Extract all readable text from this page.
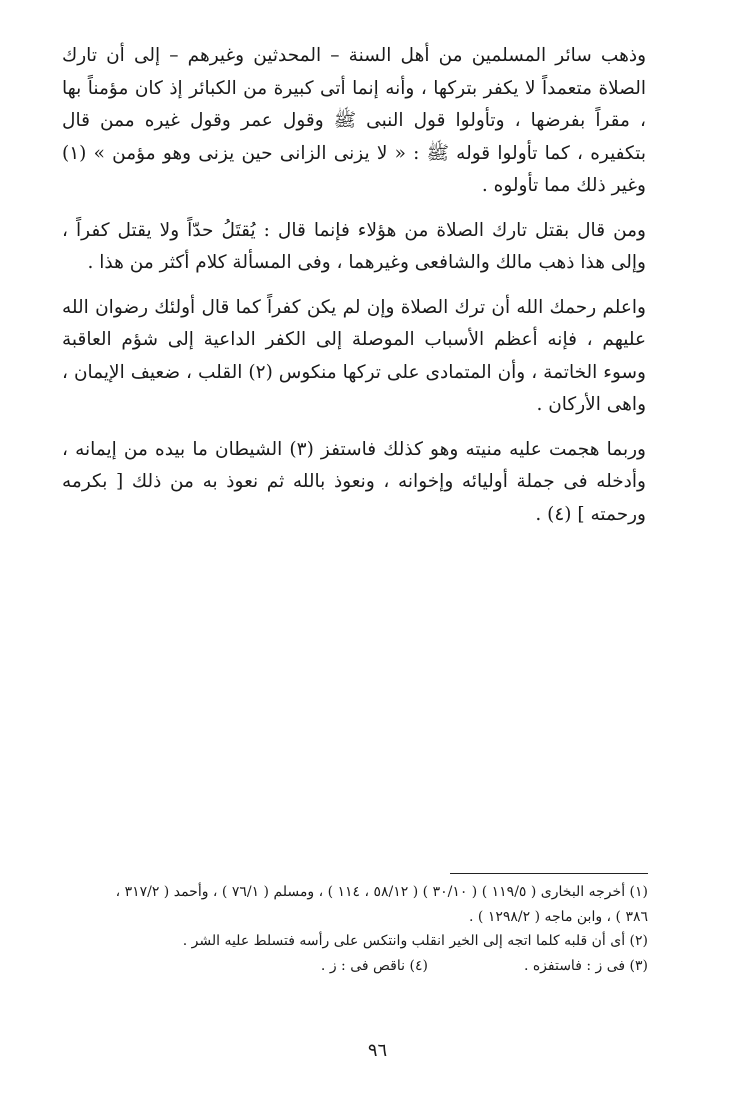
وذهب سائر المسلمين من أهل السنة – المحدثين وغيرهم – إلى أن تارك الصلاة متعمداً لا يكفر بتركها ، وأنه إنما أتى كبيرة من الكبائر إذ كان مؤمناً بها ، مقراً بفرضها ، وتأولوا قول النبى ﷺ وقول عمر وقول غيره ممن قال بتكفيره ، كما تأولوا قوله ﷺ : « لا يزنى الزانى حين يزنى وهو مؤمن » (١) وغير ذلك مما تأولوه .

ومن قال بقتل تارك الصلاة من هؤلاء فإنما قال : يُقتَلُ حدّاً ولا يقتل كفراً ، وإلى هذا ذهب مالك والشافعى وغيرهما ، وفى المسألة كلام أكثر من هذا .

واعلم رحمك الله أن ترك الصلاة وإن لم يكن كفراً كما قال أولئك رضوان الله عليهم ، فإنه أعظم الأسباب الموصلة إلى الكفر الداعية إلى شؤم العاقبة وسوء الخاتمة ، وأن المتمادى على تركها منكوس (٢) القلب ، ضعيف الإيمان ، واهى الأركان .

وربما هجمت عليه منيته وهو كذلك فاستفز (٣) الشيطان ما بيده من إيمانه ، وأدخله فى جملة أوليائه وإخوانه ، ونعوذ بالله ثم نعوذ به من ذلك [ بكرمه ورحمته ] (٤) .

(١) أخرجه البخارى ( ١١٩/٥ ) ( ٣٠/١٠ ) ( ٥٨/١٢ ، ١١٤ ) ، ومسلم ( ٧٦/١ ) ، وأحمد ( ٣١٧/٢ ،

٣٨٦ ) ، وابن ماجه ( ١٢٩٨/٢ ) .

(٢) أى أن قلبه كلما اتجه إلى الخير انقلب وانتكس على رأسه فتسلط عليه الشر .

(٣) فى ز : فاستفزه .
(٤) ناقص فى : ز .
٩٦
